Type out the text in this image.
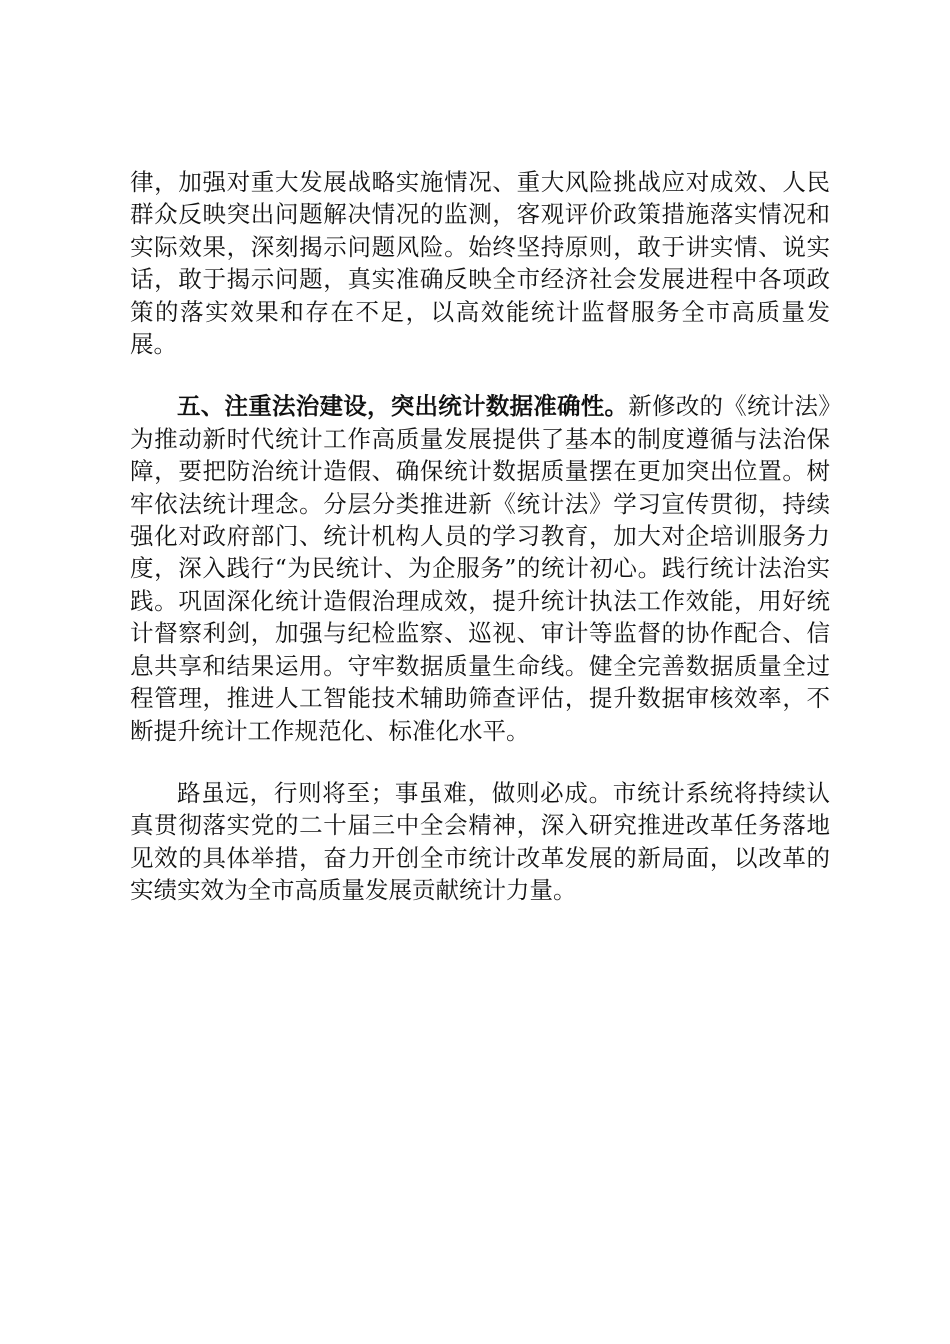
律，加强对重大发展战略实施情况、重大风险挑战应对成效、人民群众反映突出问题解决情况的监测，客观评价政策措施落实情况和实际效果，深刻揭示问题风险。始终坚持原则，敢于讲实情、说实话，敢于揭示问题，真实准确反映全市经济社会发展进程中各项政策的落实效果和存在不足，以高效能统计监督服务全市高质量发展。

五、注重法治建设，突出统计数据准确性。新修改的《统计法》为推动新时代统计工作高质量发展提供了基本的制度遵循与法治保障，要把防治统计造假、确保统计数据质量摆在更加突出位置。树牢依法统计理念。分层分类推进新《统计法》学习宣传贯彻，持续强化对政府部门、统计机构人员的学习教育，加大对企培训服务力度，深入践行“为民统计、为企服务”的统计初心。践行统计法治实践。巩固深化统计造假治理成效，提升统计执法工作效能，用好统计督察利剑，加强与纪检监察、巡视、审计等监督的协作配合、信息共享和结果运用。守牢数据质量生命线。健全完善数据质量全过程管理，推进人工智能技术辅助筛查评估，提升数据审核效率，不断提升统计工作规范化、标准化水平。

路虽远，行则将至；事虽难，做则必成。市统计系统将持续认真贯彻落实党的二十届三中全会精神，深入研究推进改革任务落地见效的具体举措，奋力开创全市统计改革发展的新局面，以改革的实绩实效为全市高质量发展贡献统计力量。
